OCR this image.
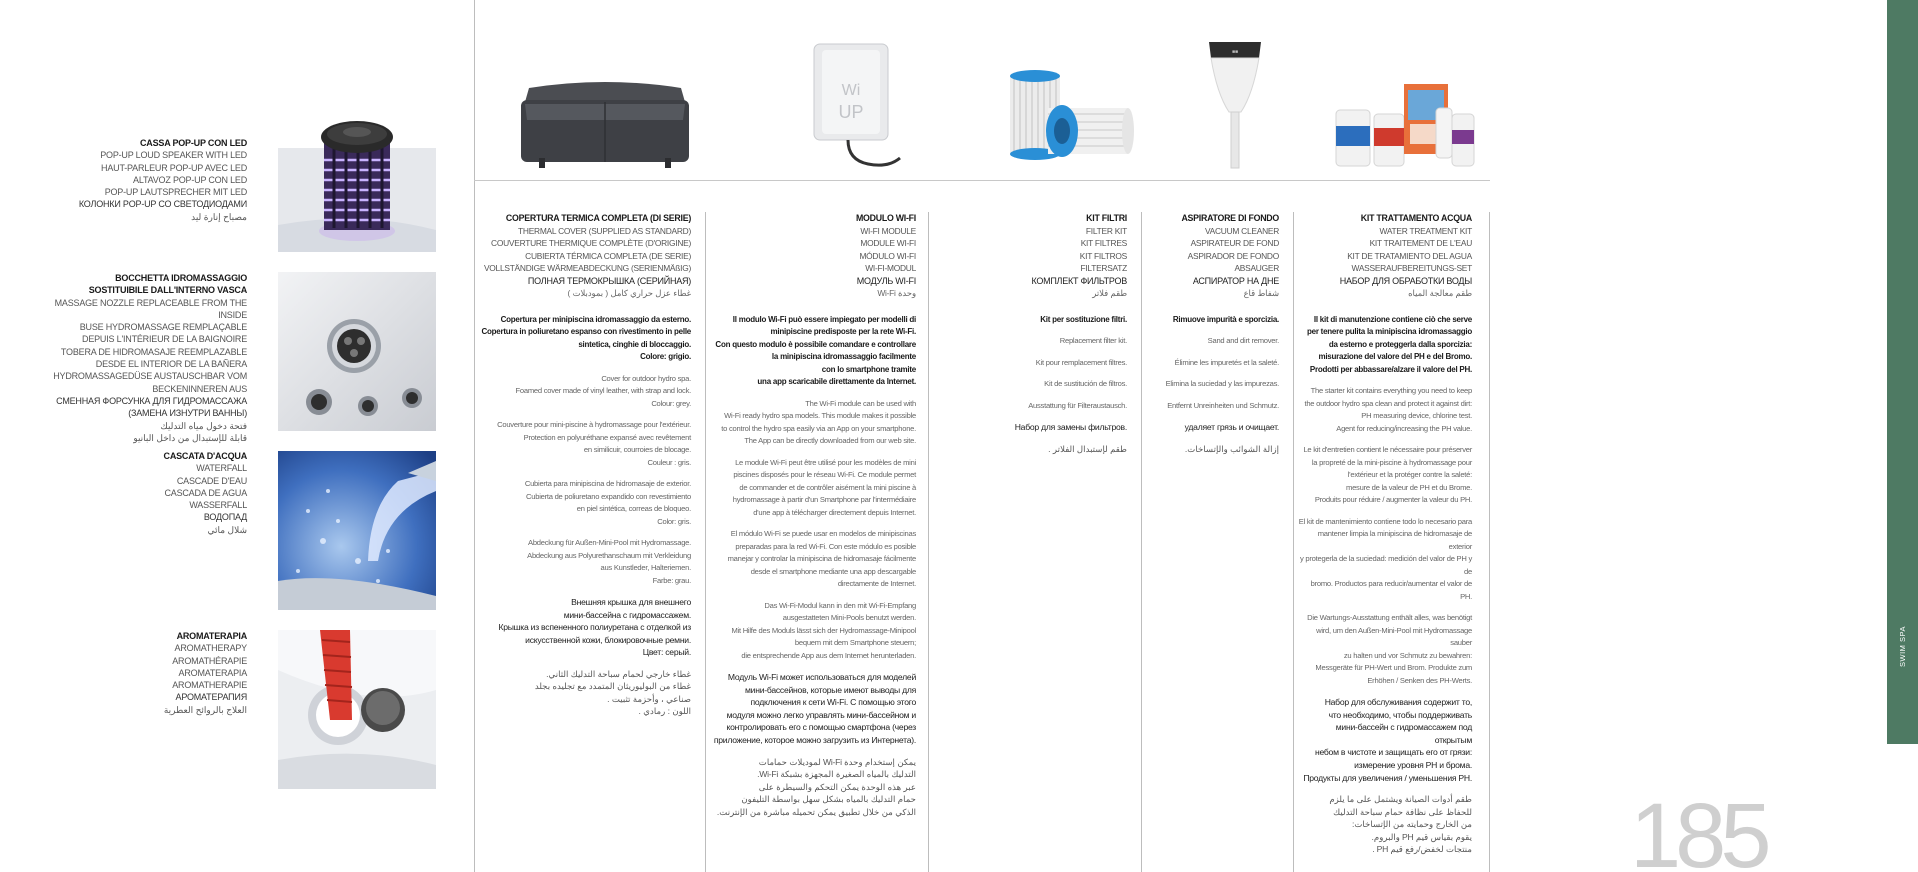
CASSA POP-UP CON LED
POP-UP LOUD SPEAKER WITH LED
HAUT-PARLEUR POP-UP AVEC LED
ALTAVOZ POP-UP CON LED
POP-UP LAUTSPRECHER MIT LED
КОЛОНКИ POP-UP СО СВЕТОДИОДАМИ
مصباح إنارة ليد
BOCCHETTA IDROMASSAGGIO
SOSTITUIBILE DALL'INTERNO VASCA
MASSAGE NOZZLE REPLACEABLE FROM THE INSIDE
BUSE HYDROMASSAGE REMPLAÇABLE
DEPUIS L'INTÉRIEUR DE LA BAIGNOIRE
TOBERA DE HIDROMASAJE REEMPLAZABLE
DESDE EL INTERIOR DE LA BAÑERA
HYDROMASSAGEDÜSE AUSTAUSCHBAR VOM
BECKENINNEREN AUS
СМЕННАЯ ФОРСУНКА ДЛЯ ГИДРОМАССАЖА
(ЗАМЕНА ИЗНУТРИ ВАННЫ)
فتحة دخول مياه التدليك
قابلة للإستبدال من داخل البانيو
CASCATA D'ACQUA
WATERFALL
CASCADE D'EAU
CASCADA DE AGUA
WASSERFALL
ВОДОПАД
شلال مائي
AROMATERAPIA
AROMATHERAPY
AROMATHÉRAPIE
AROMATERAPIA
AROMATHERAPIE
АРОМАТЕРАПИЯ
العلاج بالروائح العطرية
Wi
UP
■■
COPERTURA TERMICA COMPLETA (DI SERIE)
THERMAL COVER (SUPPLIED AS STANDARD)
COUVERTURE THERMIQUE COMPLÈTE (D'ORIGINE)
CUBIERTA TÉRMICA COMPLETA (DE SERIE)
VOLLSTÄNDIGE WÄRMEABDECKUNG (SERIENMÄßIG)
ПОЛНАЯ ТЕРМОКРЫШКА (СЕРИЙНАЯ)
غطاء عزل حراري كامل ( بمودبلات )
Copertura per minipiscina idromassaggio da esterno.
Copertura in poliuretano espanso con rivestimento in pelle
sintetica, cinghie di bloccaggio.
Colore: grigio.
Cover for outdoor hydro spa.
Foamed cover made of vinyl leather, with strap and lock.
Colour: grey.
Couverture pour mini-piscine à hydromassage pour l'extérieur.
Protection en polyuréthane expansé avec revêtement
en similicuir, courroies de blocage.
Couleur : gris.
Cubierta para minipiscina de hidromasaje de exterior.
Cubierta de poliuretano expandido con revestimiento
en piel sintética, correas de bloqueo.
Color: gris.
Abdeckung für Außen-Mini-Pool mit Hydromassage.
Abdeckung aus Polyurethanschaum mit Verkleidung
aus Kunstleder, Halteriemen.
Farbe: grau.
Внешняя крышка для внешнего
мини-бассейна с гидромассажем.
Крышка из вспененного полиуретана с отделкой из
искусственной кожи, блокировочные ремни.
Цвет: серый.
غطاء خارجي لحمام سباحة التدليك الثاني.
غطاء من البوليوريثان المتمدد مع تجليده بجلد
صناعي ، وأحزمة تثبيت .
اللون : رمادي .
MODULO WI-FI
WI-FI MODULE
MODULE WI-FI
MÓDULO WI-FI
WI-FI-MODUL
МОДУЛЬ WI-FI
وحدة Wi-Fi
Il modulo Wi-Fi può essere impiegato per modelli di
minipiscine predisposte per la rete Wi-Fi.
Con questo modulo è possibile comandare e controllare
la minipiscina idromassaggio facilmente
con lo smartphone tramite
una app scaricabile direttamente da Internet.
The Wi-Fi module can be used with
Wi-Fi ready hydro spa models. This module makes it possible
to control the hydro spa easily via an App on your smartphone.
The App can be directly downloaded from our web site.
Le module Wi-Fi peut être utilisé pour les modèles de mini
piscines disposés pour le réseau Wi-Fi. Ce module permet
de commander et de contrôler aisément la mini piscine à
hydromassage à partir d'un Smartphone par l'intermédiaire
d'une app à télécharger directement depuis Internet.
El módulo Wi-Fi se puede usar en modelos de minipiscinas
preparadas para la red Wi-Fi. Con este módulo es posible
manejar y controlar la minipiscina de hidromasaje fácilmente
desde el smartphone mediante una app descargable
directamente de Internet.
Das Wi-Fi-Modul kann in den mit Wi-Fi-Empfang
ausgestatteten Mini-Pools benutzt werden.
Mit Hilfe des Moduls lässt sich der Hydromassage-Minipool
bequem mit dem Smartphone steuern;
die entsprechende App aus dem Internet herunterladen.
Модуль Wi-Fi может использоваться для моделей
мини-бассейнов, которые имеют выводы для
подключения к сети Wi-Fi. С помощью этого
модуля можно легко управлять мини-бассейном и
контролировать его с помощью смартфона (через
приложение, которое можно загрузить из Интернета).
يمكن إستخدام وحدة Wi-Fi لموديلات حمامات
التدليك بالمياه الصغيرة المجهزة بشبكة Wi-Fi.
عبر هذه الوحدة يمكن التحكم والسيطرة على
حمام التدليك بالمياه بشكل سهل بواسطة التليفون
الذكي من خلال تطبيق يمكن تحميله مباشرة من الإنترنت.
KIT FILTRI
FILTER KIT
KIT FILTRES
KIT FILTROS
FILTERSATZ
КОМПЛЕКТ ФИЛЬТРОВ
طقم فلاتر
Kit per sostituzione filtri.
Replacement filter kit.
Kit pour remplacement filtres.
Kit de sustitución de filtros.
Ausstattung für Filteraustausch.
Набор для замены фильтров.
طقم لإستبدال الفلاتر .
ASPIRATORE DI FONDO
VACUUM CLEANER
ASPIRATEUR DE FOND
ASPIRADOR DE FONDO
ABSAUGER
АСПИРАТОР НА ДНЕ
شفاط قاع
Rimuove impurità e sporcizia.
Sand and dirt remover.
Élimine les impuretés et la saleté.
Elimina la suciedad y las impurezas.
Entfernt Unreinheiten und Schmutz.
удаляет грязь и очищает.
إزالة الشوائب والإتساخات.
KIT TRATTAMENTO ACQUA
WATER TREATMENT KIT
KIT TRAITEMENT DE L'EAU
KIT DE TRATAMIENTO DEL AGUA
WASSERAUFBEREITUNGS-SET
НАБОР ДЛЯ ОБРАБОТКИ ВОДЫ
طقم معالجة المياه
Il kit di manutenzione contiene ciò che serve
per tenere pulita la minipiscina idromassaggio
da esterno e proteggerla dalla sporcizia:
misurazione del valore del PH e del Bromo.
Prodotti per abbassare/alzare il valore del PH.
The starter kit contains everything you need to keep
the outdoor hydro spa clean and protect it against dirt:
PH measuring device, chlorine test.
Agent for reducing/increasing the PH value.
Le kit d'entretien contient le nécessaire pour préserver
la propreté de la mini-piscine à hydromassage pour
l'extérieur et la protéger contre la saleté:
mesure de la valeur de PH et du Brome.
Produits pour réduire / augmenter la valeur du PH.
El kit de mantenimiento contiene todo lo necesario para
mantener limpia la minipiscina de hidromasaje de exterior
y protegerla de la suciedad: medición del valor de PH y de
bromo. Productos para reducir/aumentar el valor de PH.
Die Wartungs-Ausstattung enthält alles, was benötigt
wird, um den Außen-Mini-Pool mit Hydromassage sauber
zu halten und vor Schmutz zu bewahren:
Messgeräte für PH-Wert und Brom. Produkte zum
Erhöhen / Senken des PH-Werts.
Набор для обслуживания содержит то,
что необходимо, чтобы поддерживать
мини-бассейн с гидромассажем под открытым
небом в чистоте и защищать его от грязи:
измерение уровня PH и брома.
Продукты для увеличения / уменьшения PH.
طقم أدوات الصيانة ويشتمل على ما يلزم
للحفاظ على نظافة حمام سباحة التدليك
من الخارج وحمايته من الإتساخات:
يقوم بقياس قيم PH والبروم.
منتجات لخفض/رفع قيم PH . 185
SWIM SPA
